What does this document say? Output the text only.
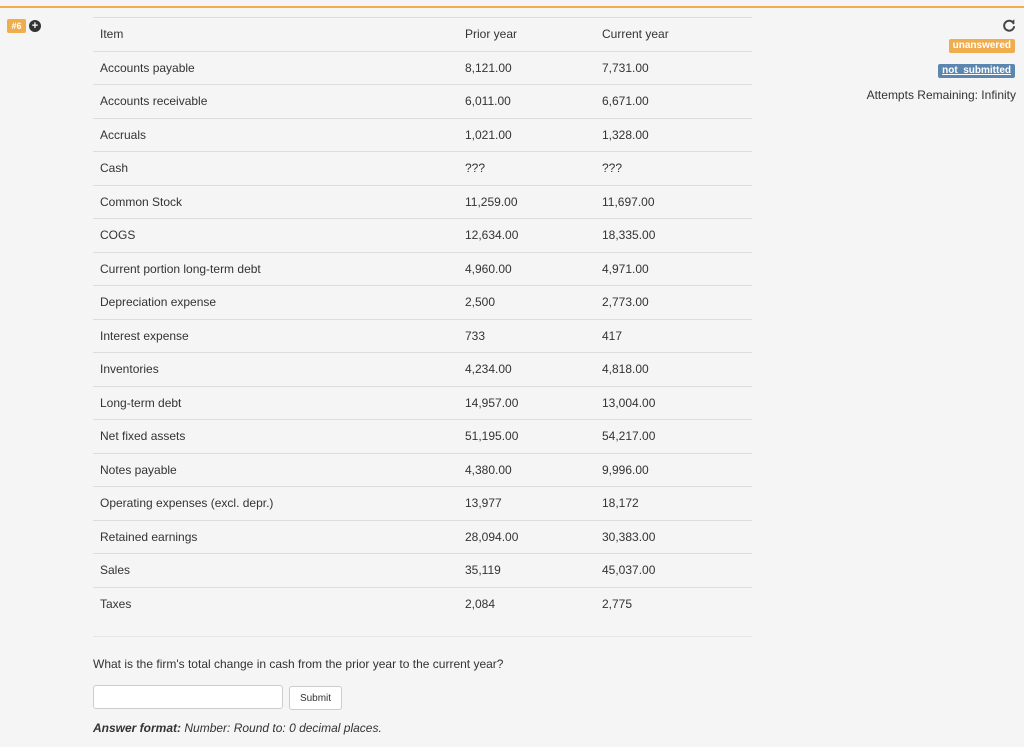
#6 +
Item	Prior year	Current year
Accounts payable	8,121.00	7,731.00
Accounts receivable	6,011.00	6,671.00
Accruals	1,021.00	1,328.00
Cash	???	???
Common Stock	11,259.00	11,697.00
COGS	12,634.00	18,335.00
Current portion long-term debt	4,960.00	4,971.00
Depreciation expense	2,500	2,773.00
Interest expense	733	417
Inventories	4,234.00	4,818.00
Long-term debt	14,957.00	13,004.00
Net fixed assets	51,195.00	54,217.00
Notes payable	4,380.00	9,996.00
Operating expenses (excl. depr.)	13,977	18,172
Retained earnings	28,094.00	30,383.00
Sales	35,119	45,037.00
Taxes	2,084	2,775
What is the firm's total change in cash from the prior year to the current year?
Submit
Answer format: Number: Round to: 0 decimal places.
unanswered
not_submitted
Attempts Remaining: Infinity
